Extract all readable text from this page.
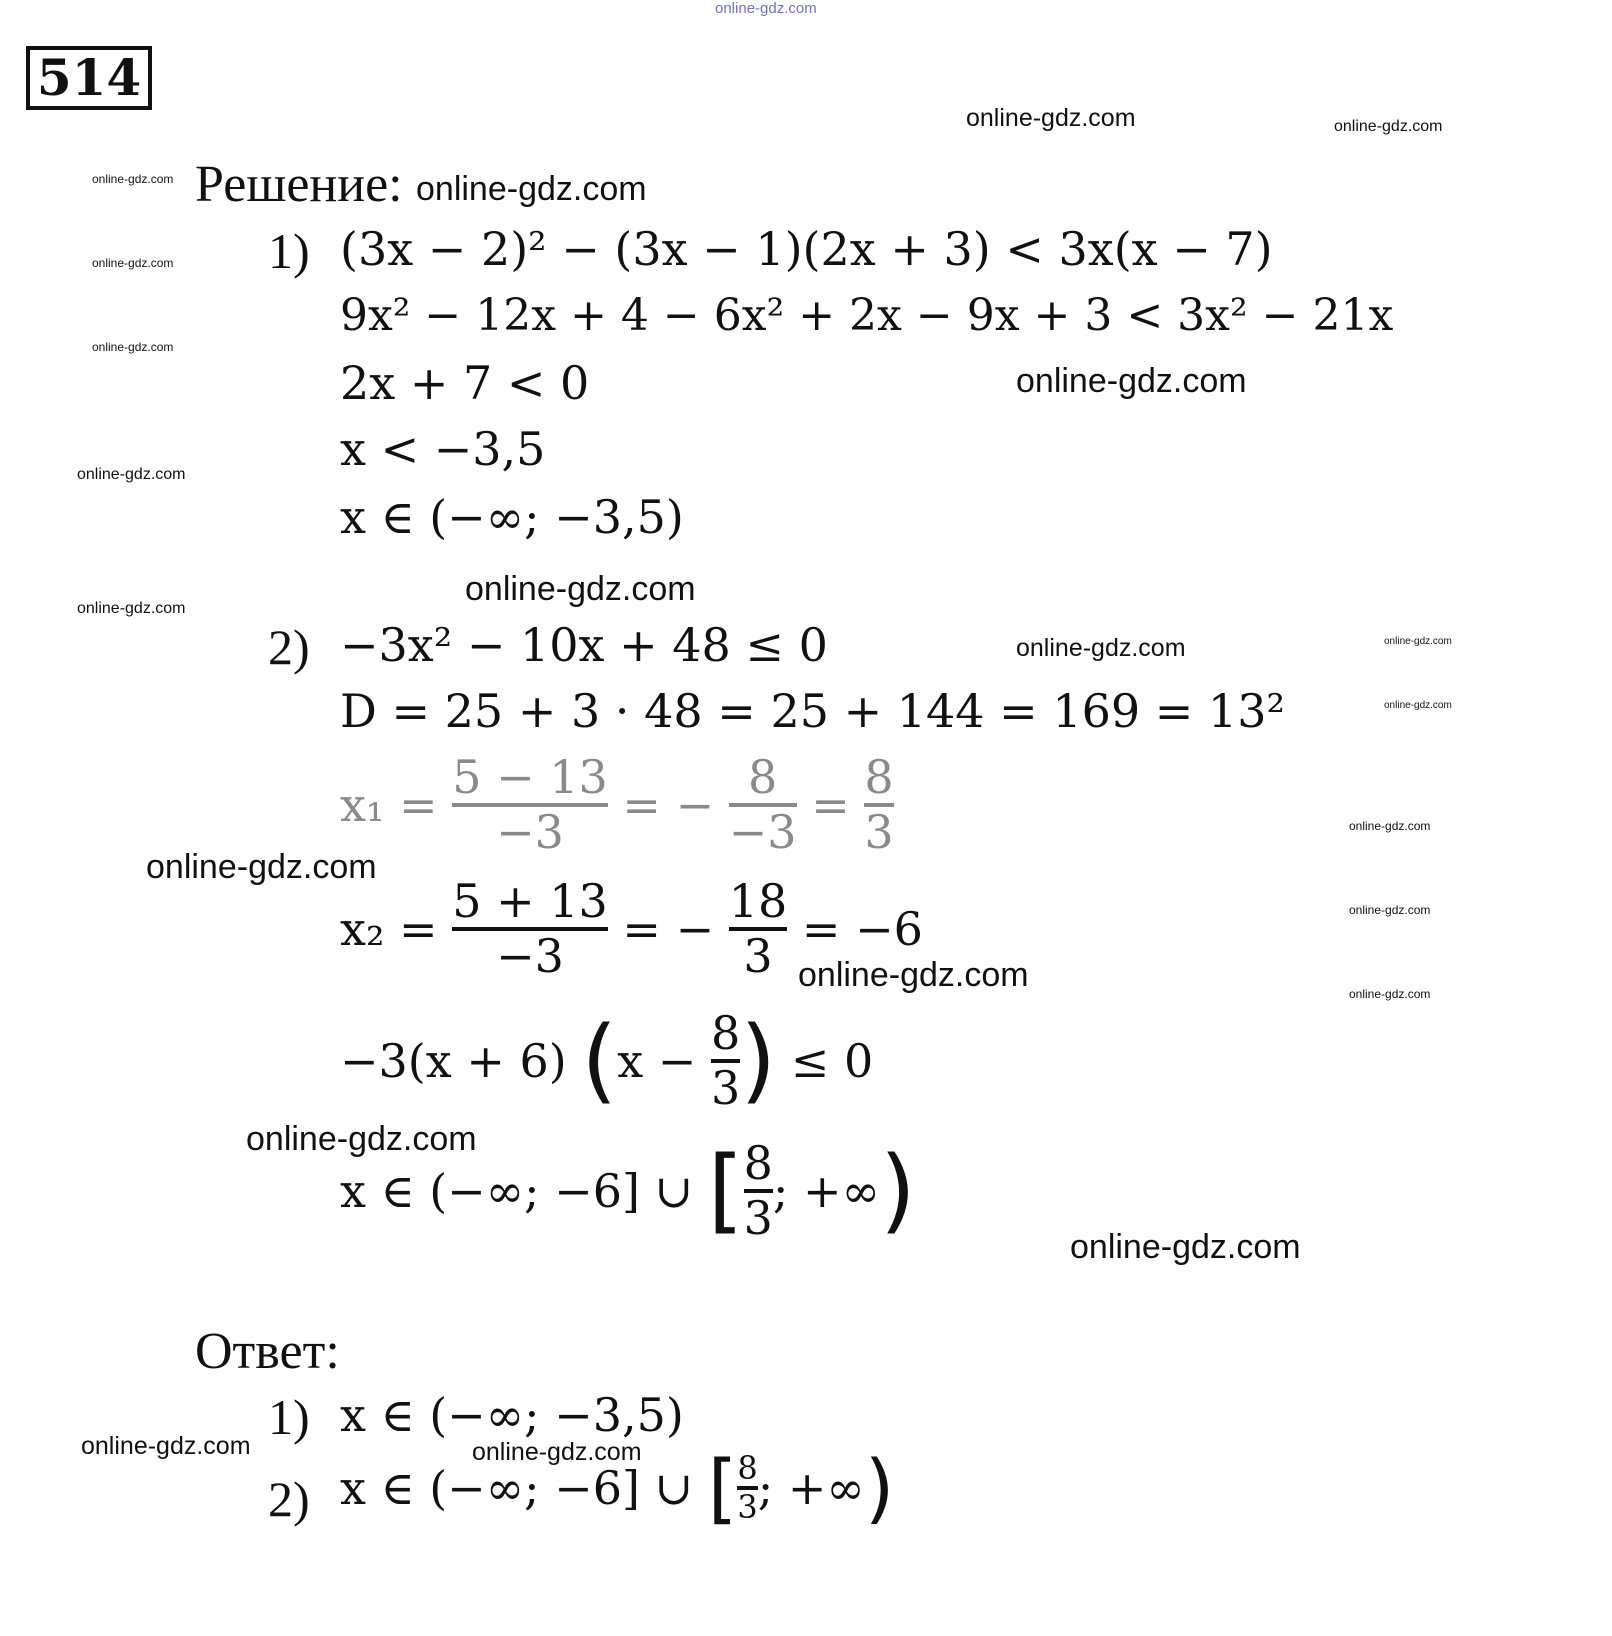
online-gdz.com
514
online-gdz.com	online-gdz.com
online-gdz.com
online-gdz.com
online-gdz.com
online-gdz.com
online-gdz.com
online-gdz.com
online-gdz.com
online-gdz.com
online-gdz.com
online-gdz.com
online-gdz.com
online-gdz.com
online-gdz.com
online-gdz.com
online-gdz.com
online-gdz.com
online-gdz.com
online-gdz.com	online-gdz.com
Решение: online-gdz.com
1) (3x − 2)² − (3x − 1)(2x + 3) < 3x(x − 7)
9x² − 12x + 4 − 6x² + 2x − 9x + 3 < 3x² − 21x
2x + 7 < 0
x < −3,5
x ∈ (−∞; −3,5)
2) −3x² − 10x + 48 ≤ 0
D = 25 + 3 · 48 = 25 + 144 = 169 = 13²
$x_1 = \frac{5 - 13}{-3}$ = − $\frac{8}{-3} = \frac{8}{3}$
$x_2 = \frac{5 + 13}{-3}$ = − $\frac{18}{3} = -6$
−3(x + 6) ($x - \frac{8}{3}$ ) ≤ 0
x ∈ (−∞; −6] ∪ [ $\frac{8}{3}$ ; +∞)
Ответ:
1) x ∈ (−∞; −3,5)
2) x ∈ (−∞; −6] ∪ [ $\frac{8}{3}$ ; +∞)
